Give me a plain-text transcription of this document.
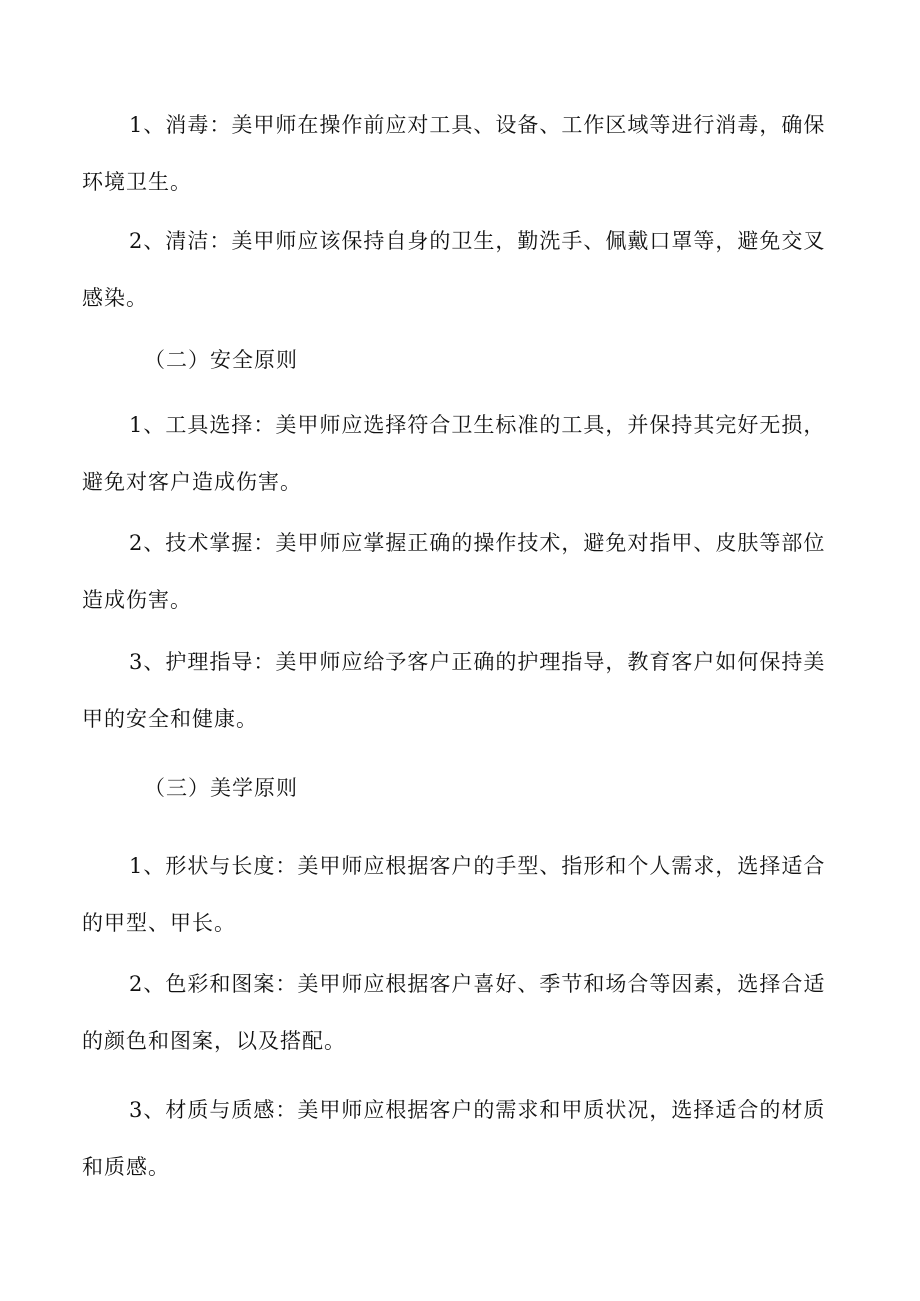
1、消毒：美甲师在操作前应对工具、设备、工作区域等进行消毒，确保环境卫生。

2、清洁：美甲师应该保持自身的卫生，勤洗手、佩戴口罩等，避免交叉感染。

（二）安全原则

1、工具选择：美甲师应选择符合卫生标准的工具，并保持其完好无损，避免对客户造成伤害。

2、技术掌握：美甲师应掌握正确的操作技术，避免对指甲、皮肤等部位造成伤害。

3、护理指导：美甲师应给予客户正确的护理指导，教育客户如何保持美甲的安全和健康。

（三）美学原则

1、形状与长度：美甲师应根据客户的手型、指形和个人需求，选择适合的甲型、甲长。

2、色彩和图案：美甲师应根据客户喜好、季节和场合等因素，选择合适的颜色和图案，以及搭配。

3、材质与质感：美甲师应根据客户的需求和甲质状况，选择适合的材质和质感。
